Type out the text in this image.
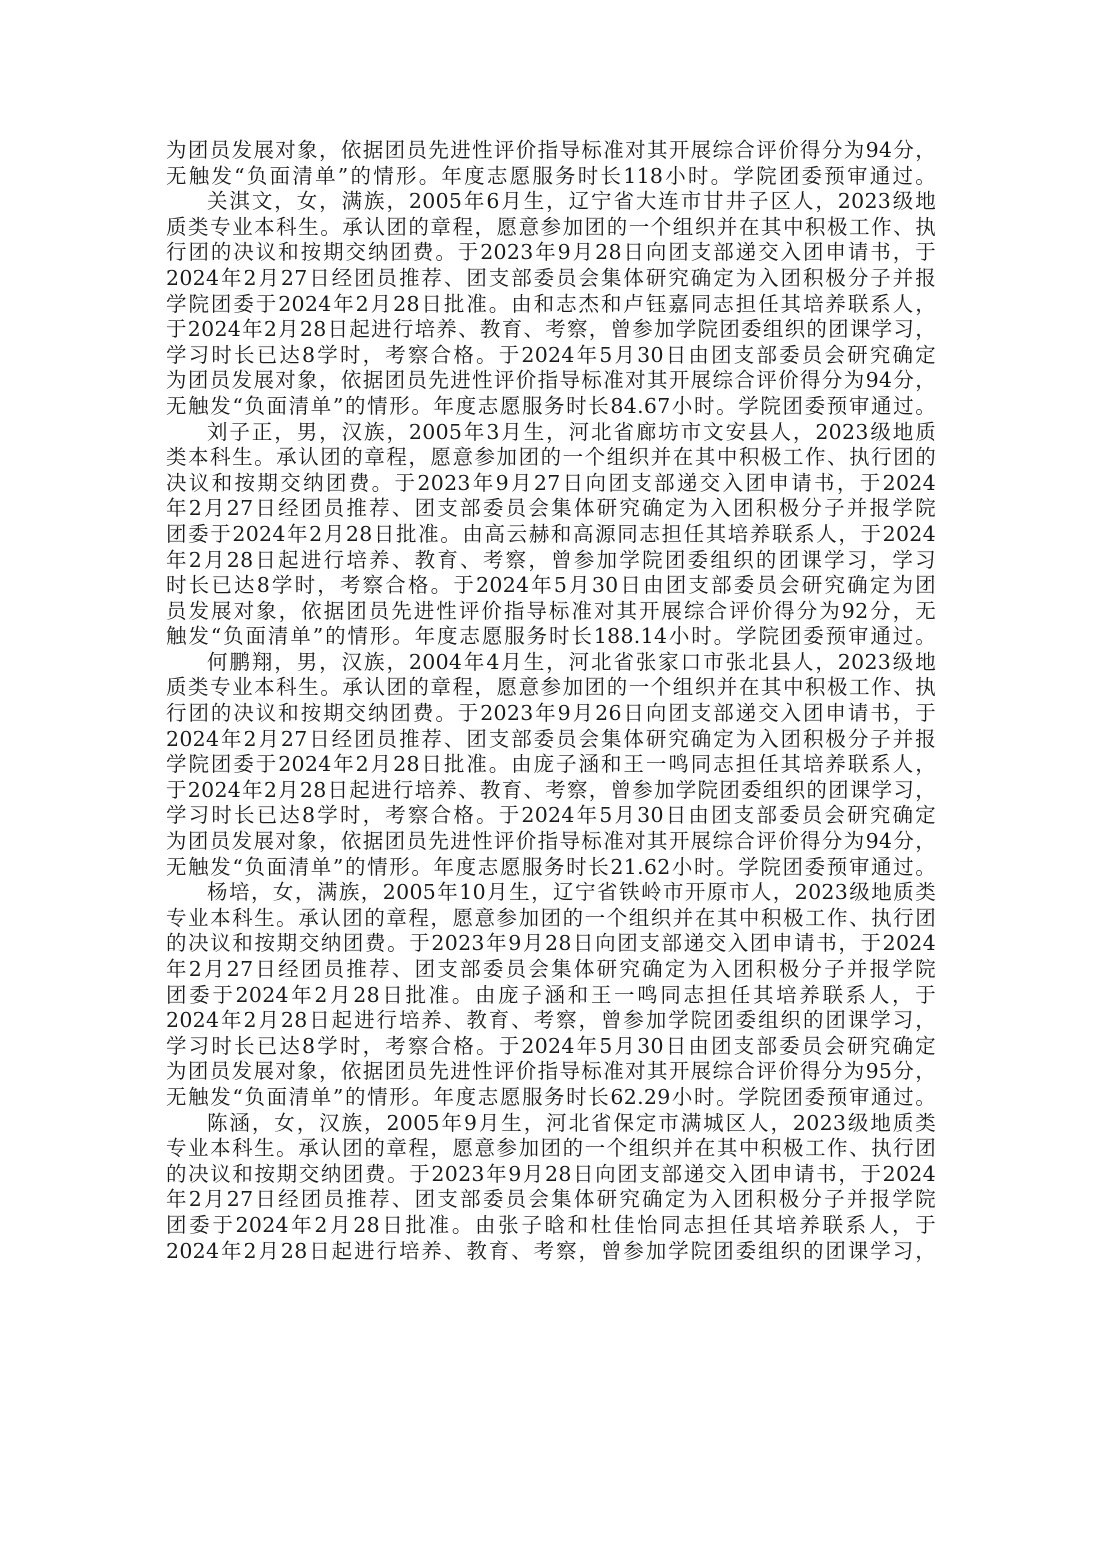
为团员发展对象，依据团员先进性评价指导标准对其开展综合评价得分为94分，
无触发“负面清单”的情形。年度志愿服务时长118小时。学院团委预审通过。
关淇文，女，满族，2005年6月生，辽宁省大连市甘井子区人，2023级地
质类专业本科生。承认团的章程，愿意参加团的一个组织并在其中积极工作、执
行团的决议和按期交纳团费。于2023年9月28日向团支部递交入团申请书，于
2024年2月27日经团员推荐、团支部委员会集体研究确定为入团积极分子并报
学院团委于2024年2月28日批准。由和志杰和卢钰嘉同志担任其培养联系人，
于2024年2月28日起进行培养、教育、考察，曾参加学院团委组织的团课学习，
学习时长已达8学时，考察合格。于2024年5月30日由团支部委员会研究确定
为团员发展对象，依据团员先进性评价指导标准对其开展综合评价得分为94分，
无触发“负面清单”的情形。年度志愿服务时长84.67小时。学院团委预审通过。
刘子正，男，汉族，2005年3月生，河北省廊坊市文安县人，2023级地质
类本科生。承认团的章程，愿意参加团的一个组织并在其中积极工作、执行团的
决议和按期交纳团费。于2023年9月27日向团支部递交入团申请书，于2024
年2月27日经团员推荐、团支部委员会集体研究确定为入团积极分子并报学院
团委于2024年2月28日批准。由高云赫和高源同志担任其培养联系人，于2024
年2月28日起进行培养、教育、考察，曾参加学院团委组织的团课学习，学习
时长已达8学时，考察合格。于2024年5月30日由团支部委员会研究确定为团
员发展对象，依据团员先进性评价指导标准对其开展综合评价得分为92分，无
触发“负面清单”的情形。年度志愿服务时长188.14小时。学院团委预审通过。
何鹏翔，男，汉族，2004年4月生，河北省张家口市张北县人，2023级地
质类专业本科生。承认团的章程，愿意参加团的一个组织并在其中积极工作、执
行团的决议和按期交纳团费。于2023年9月26日向团支部递交入团申请书，于
2024年2月27日经团员推荐、团支部委员会集体研究确定为入团积极分子并报
学院团委于2024年2月28日批准。由庞子涵和王一鸣同志担任其培养联系人，
于2024年2月28日起进行培养、教育、考察，曾参加学院团委组织的团课学习，
学习时长已达8学时，考察合格。于2024年5月30日由团支部委员会研究确定
为团员发展对象，依据团员先进性评价指导标准对其开展综合评价得分为94分，
无触发“负面清单”的情形。年度志愿服务时长21.62小时。学院团委预审通过。
杨培，女，满族，2005年10月生，辽宁省铁岭市开原市人，2023级地质类
专业本科生。承认团的章程，愿意参加团的一个组织并在其中积极工作、执行团
的决议和按期交纳团费。于2023年9月28日向团支部递交入团申请书，于2024
年2月27日经团员推荐、团支部委员会集体研究确定为入团积极分子并报学院
团委于2024年2月28日批准。由庞子涵和王一鸣同志担任其培养联系人，于
2024年2月28日起进行培养、教育、考察，曾参加学院团委组织的团课学习，
学习时长已达8学时，考察合格。于2024年5月30日由团支部委员会研究确定
为团员发展对象，依据团员先进性评价指导标准对其开展综合评价得分为95分，
无触发“负面清单”的情形。年度志愿服务时长62.29小时。学院团委预审通过。
陈涵，女，汉族，2005年9月生，河北省保定市满城区人，2023级地质类
专业本科生。承认团的章程，愿意参加团的一个组织并在其中积极工作、执行团
的决议和按期交纳团费。于2023年9月28日向团支部递交入团申请书，于2024
年2月27日经团员推荐、团支部委员会集体研究确定为入团积极分子并报学院
团委于2024年2月28日批准。由张子晗和杜佳怡同志担任其培养联系人，于
2024年2月28日起进行培养、教育、考察，曾参加学院团委组织的团课学习，
